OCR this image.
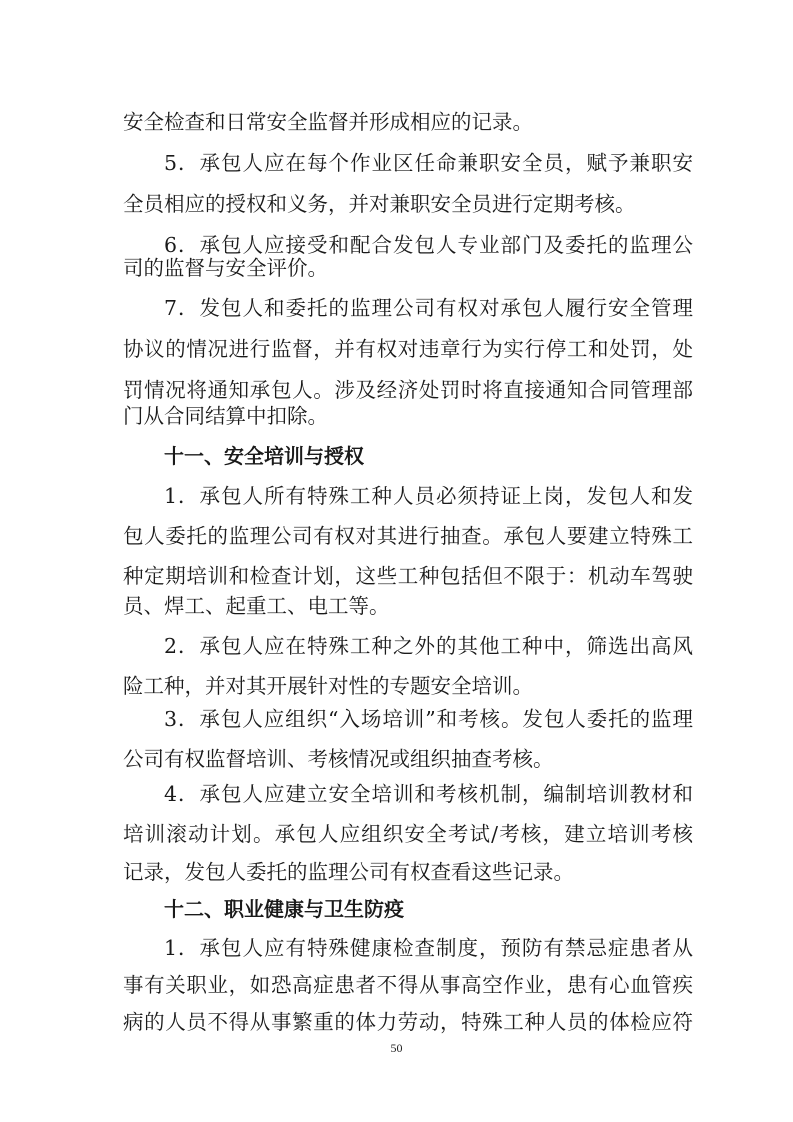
安全检查和日常安全监督并形成相应的记录。
5．承包人应在每个作业区任命兼职安全员，赋予兼职安
全员相应的授权和义务，并对兼职安全员进行定期考核。
6．承包人应接受和配合发包人专业部门及委托的监理公
司的监督与安全评价。
7．发包人和委托的监理公司有权对承包人履行安全管理
协议的情况进行监督，并有权对违章行为实行停工和处罚，处
罚情况将通知承包人。涉及经济处罚时将直接通知合同管理部
门从合同结算中扣除。
十一、安全培训与授权
1．承包人所有特殊工种人员必须持证上岗，发包人和发
包人委托的监理公司有权对其进行抽查。承包人要建立特殊工
种定期培训和检查计划，这些工种包括但不限于：机动车驾驶
员、焊工、起重工、电工等。
2．承包人应在特殊工种之外的其他工种中，筛选出高风
险工种，并对其开展针对性的专题安全培训。
3．承包人应组织“入场培训”和考核。发包人委托的监理
公司有权监督培训、考核情况或组织抽查考核。
4．承包人应建立安全培训和考核机制，编制培训教材和
培训滚动计划。承包人应组织安全考试/考核，建立培训考核
记录，发包人委托的监理公司有权查看这些记录。
十二、职业健康与卫生防疫
1．承包人应有特殊健康检查制度，预防有禁忌症患者从
事有关职业，如恐高症患者不得从事高空作业，患有心血管疾
病的人员不得从事繁重的体力劳动，特殊工种人员的体检应符
50
